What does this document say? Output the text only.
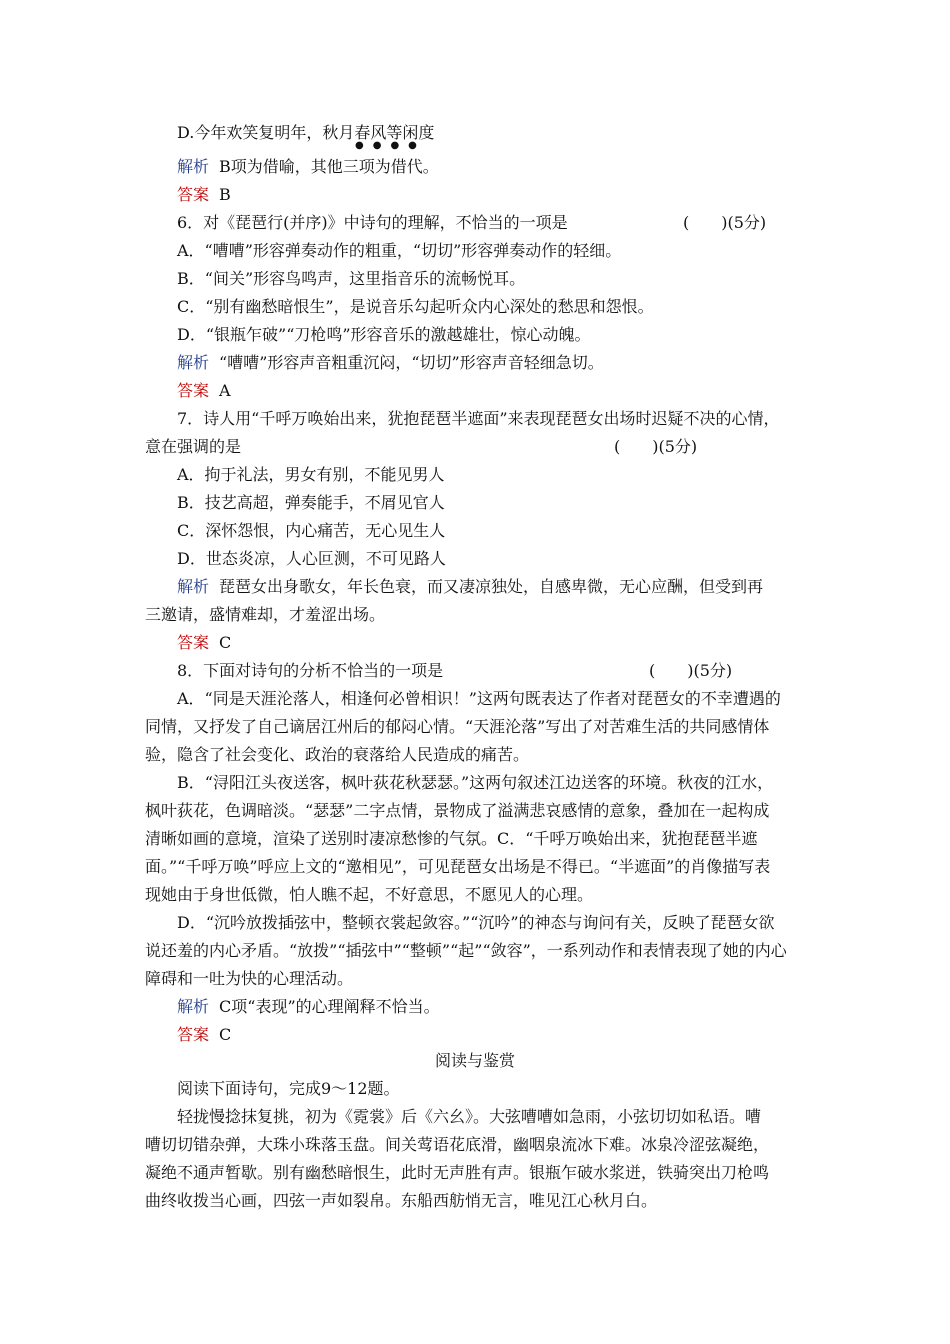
D.今年欢笑复明年，秋月春风等闲度
●●●●
解析 B项为借喻，其他三项为借代。
答案 B
6．对《琵琶行(并序)》中诗句的理解，不恰当的一项是	(　　)(5分)
A．“嘈嘈”形容弹奏动作的粗重，“切切”形容弹奏动作的轻细。
B．“间关”形容鸟鸣声，这里指音乐的流畅悦耳。
C．“别有幽愁暗恨生”，是说音乐勾起听众内心深处的愁思和怨恨。
D．“银瓶乍破”“刀枪鸣”形容音乐的激越雄壮，惊心动魄。
解析 “嘈嘈”形容声音粗重沉闷，“切切”形容声音轻细急切。
答案 A
7．诗人用“千呼万唤始出来，犹抱琵琶半遮面”来表现琵琶女出场时迟疑不决的心情，
意在强调的是	(　　)(5分)
A．拘于礼法，男女有别，不能见男人
B．技艺高超，弹奏能手，不屑见官人
C．深怀怨恨，内心痛苦，无心见生人
D．世态炎凉，人心叵测，不可见路人
解析 琵琶女出身歌女，年长色衰，而又凄凉独处，自感卑微，无心应酬，但受到再
三邀请，盛情难却，才羞涩出场。
答案 C
8．下面对诗句的分析不恰当的一项是	(　　)(5分)
A．“同是天涯沦落人，相逢何必曾相识！”这两句既表达了作者对琵琶女的不幸遭遇的
同情，又抒发了自己谪居江州后的郁闷心情。“天涯沦落”写出了对苦难生活的共同感情体
验，隐含了社会变化、政治的衰落给人民造成的痛苦。
B．“浔阳江头夜送客，枫叶荻花秋瑟瑟。”这两句叙述江边送客的环境。秋夜的江水，
枫叶荻花，色调暗淡。“瑟瑟”二字点情，景物成了溢满悲哀感情的意象，叠加在一起构成
清晰如画的意境，渲染了送别时凄凉愁惨的气氛。C．“千呼万唤始出来，犹抱琵琶半遮
面。”“千呼万唤”呼应上文的“邀相见”，可见琵琶女出场是不得已。“半遮面”的肖像描写表
现她由于身世低微，怕人瞧不起，不好意思，不愿见人的心理。
D．“沉吟放拨插弦中，整顿衣裳起敛容。”“沉吟”的神态与询问有关，反映了琵琶女欲
说还羞的内心矛盾。“放拨”“插弦中”“整顿”“起”“敛容”，一系列动作和表情表现了她的内心
障碍和一吐为快的心理活动。
解析 C项“表现”的心理阐释不恰当。
答案 C
阅读与鉴赏
阅读下面诗句，完成9～12题。
轻拢慢捻抹复挑，初为《霓裳》后《六幺》。大弦嘈嘈如急雨，小弦切切如私语。嘈
嘈切切错杂弹，大珠小珠落玉盘。间关莺语花底滑，幽咽泉流冰下难。冰泉冷涩弦凝绝，
凝绝不通声暂歇。别有幽愁暗恨生，此时无声胜有声。银瓶乍破水浆迸，铁骑突出刀枪鸣
曲终收拨当心画，四弦一声如裂帛。东船西舫悄无言，唯见江心秋月白。
